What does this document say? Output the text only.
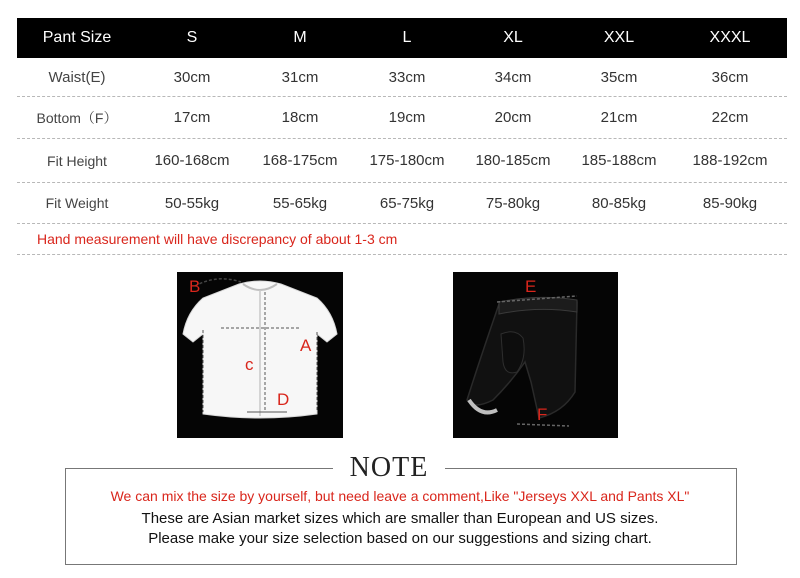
Pant Size	S	M	L	XL	XXL	XXXL
Waist(E)	30cm	31cm	33cm	34cm	35cm	36cm
Bottom（F）	17cm	18cm	19cm	20cm	21cm	22cm
Fit Height	160-168cm	168-175cm	175-180cm	180-185cm	185-188cm	188-192cm
Fit Weight	50-55kg	55-65kg	65-75kg	75-80kg	80-85kg	85-90kg
Hand measurement will have discrepancy of about 1-3 cm
B
A
c
D
E
F
NOTE
We can mix the size by yourself, but need leave a comment,Like "Jerseys XXL and Pants XL"
These are Asian market sizes which are smaller than European and US sizes.
Please make your size selection based on our suggestions and sizing chart.
